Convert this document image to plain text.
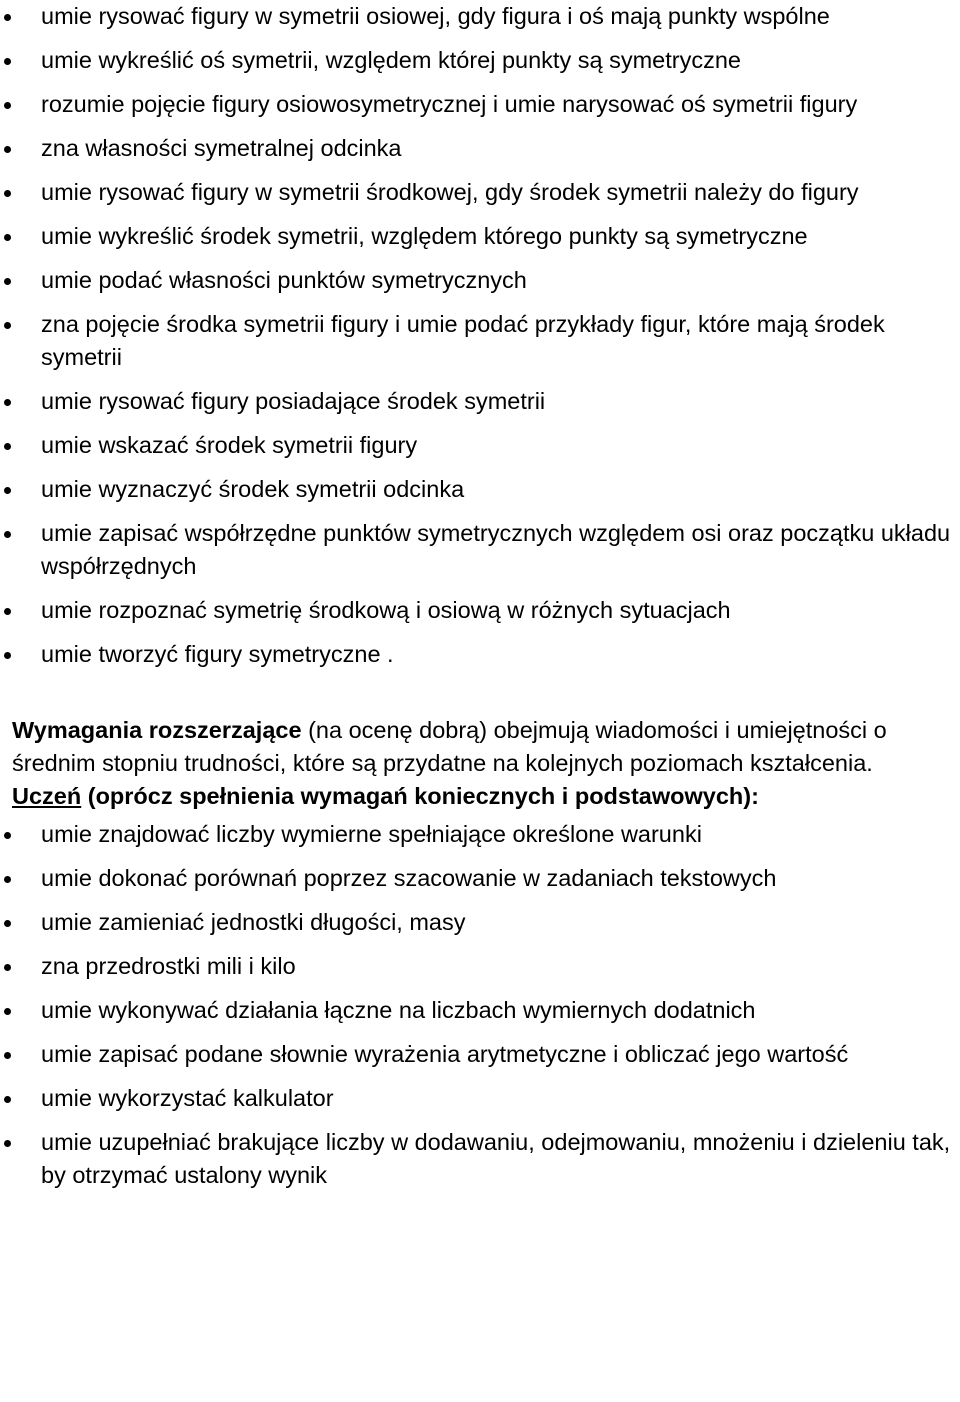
umie rysować figury w symetrii osiowej, gdy figura i oś mają punkty wspólne
umie wykreślić oś symetrii, względem której punkty są symetryczne
rozumie pojęcie figury osiowosymetrycznej i umie narysować oś symetrii figury
zna własności symetralnej odcinka
umie rysować figury w symetrii środkowej, gdy środek symetrii należy do figury
umie wykreślić środek symetrii, względem którego punkty są symetryczne
umie podać własności punktów symetrycznych
zna pojęcie środka symetrii figury i umie podać przykłady figur, które mają środek symetrii
umie rysować figury posiadające środek symetrii
umie wskazać środek symetrii figury
umie wyznaczyć środek symetrii odcinka
umie zapisać współrzędne punktów symetrycznych względem osi oraz początku układu współrzędnych
umie rozpoznać symetrię środkową i osiową w różnych sytuacjach
umie tworzyć figury symetryczne .

Wymagania rozszerzające (na ocenę dobrą) obejmują wiadomości i umiejętności o średnim stopniu trudności, które są przydatne na kolejnych poziomach kształcenia.

Uczeń (oprócz spełnienia wymagań koniecznych i podstawowych):

umie znajdować liczby wymierne spełniające określone warunki
umie dokonać porównań poprzez szacowanie w zadaniach tekstowych
umie zamieniać jednostki długości, masy
zna przedrostki mili i kilo
umie wykonywać działania łączne na liczbach wymiernych dodatnich
umie zapisać podane słownie wyrażenia arytmetyczne i obliczać jego wartość
umie wykorzystać kalkulator
umie uzupełniać brakujące liczby w dodawaniu, odejmowaniu, mnożeniu i dzieleniu tak, by otrzymać ustalony wynik
